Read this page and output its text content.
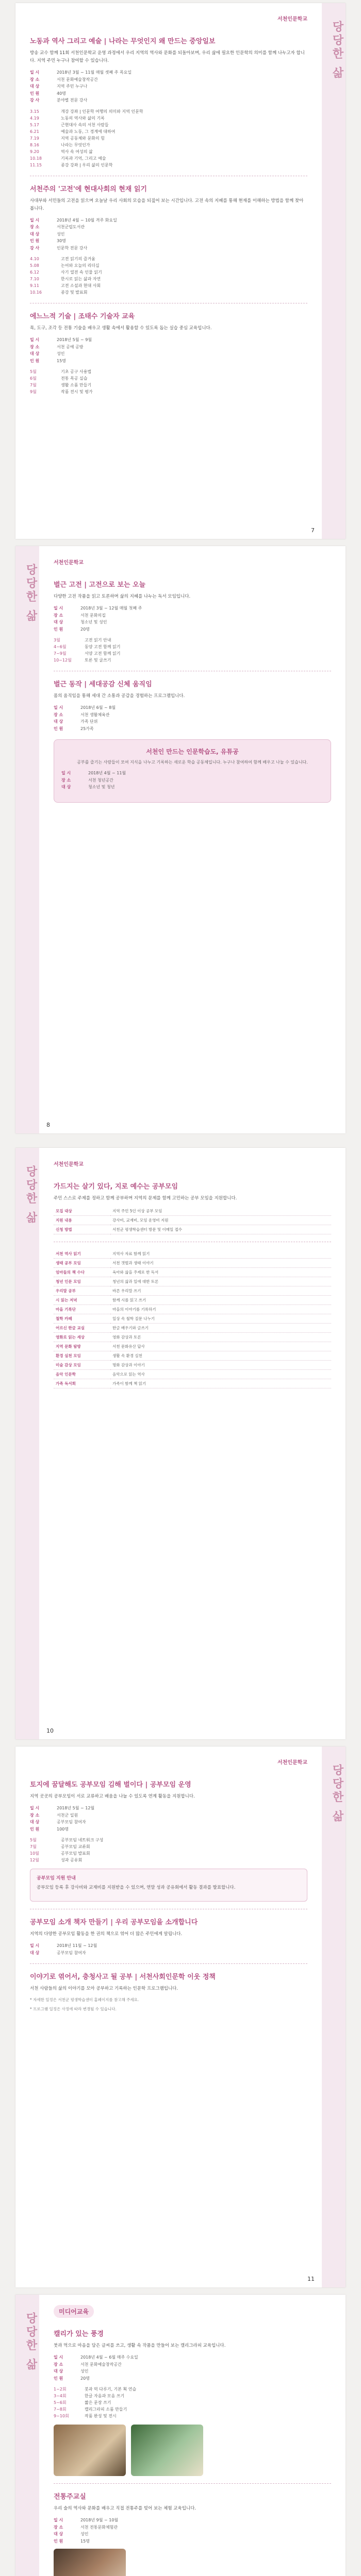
서천인문학교
노동과 역사 그리고 예술 | 나라는 무엇인지 왜 만드는 중앙일보

방송 교수 함께 11회 서천인문학교 운영 과정에서 우리 지역의 역사와 문화를 되돌아보며, 우리 삶에 필요한 인문학의 의미를 함께 나누고자 합니다. 지역 주민 누구나 참여할 수 있습니다.

일 시	2018년 3월 ~ 11월 매월 셋째 주 목요일
장 소	서천 문화예술창작공간
대 상	지역 주민 누구나
인 원	40명
강 사	분야별 전문 강사
3.15	개강 강좌 | 인문학 여행의 의미와 지역 인문학
4.19	노동의 역사와 삶의 기록
5.17	근현대사 속의 서천 사람들
6.21	예술과 노동, 그 경계에 대하여
7.19	지역 공동체와 문화의 힘
8.16	나라는 무엇인가
9.20	역사 속 여성의 삶
10.18	기록과 기억, 그리고 예술
11.15	종강 강좌 | 우리 삶의 인문학
서천주의 '고전'에 현대사회의 현재 읽기

사대부와 서민들의 고전을 읽으며 오늘날 우리 사회의 모습을 되짚어 보는 시간입니다. 고전 속의 지혜를 통해 현재를 이해하는 방법을 함께 찾아봅니다.

일 시	2018년 4월 ~ 10월 격주 화요일
장 소	서천군립도서관
대 상	성인
인 원	30명
강 사	인문학 전문 강사
4.10	고전 읽기의 즐거움
5.08	논어와 오늘의 리더십
6.12	사기 열전 속 인물 읽기
7.10	한시로 읽는 삶과 자연
9.11	고전 소설과 현대 사회
10.16	종강 및 발표회
에느느적 기술 | 조태수 기술자 교육

목, 도구, 조각 등 전통 기술을 배우고 생활 속에서 활용할 수 있도록 돕는 실습 중심 교육입니다.

일 시	2018년 5월 ~ 9월
장 소	서천 공예 공방
대 상	성인
인 원	15명
5월	기초 공구 사용법
6월	전통 목공 실습
7월	생활 소품 만들기
9월	작품 전시 및 평가
당당한 삶
7
당당한 삶
서천인문학교
벌근 고전 | 고전으로 보는 오늘

다양한 고전 작품을 읽고 토론하며 삶의 지혜를 나누는 독서 모임입니다.

일 시	2018년 3월 ~ 12월 매월 첫째 주
장 소	서천 문화의집
대 상	청소년 및 성인
인 원	20명
3월	고전 읽기 안내
4~6월	동양 고전 함께 읽기
7~9월	서양 고전 함께 읽기
10~12월	토론 및 글쓰기
벌근 동작 | 세대공감 신체 움직임

몸의 움직임을 통해 세대 간 소통과 공감을 경험하는 프로그램입니다.

일 시	2018년 6월 ~ 8월
장 소	서천 생활체육관
대 상	가족 단위
인 원	25가족
서천인 만드는 인문학습도, 유튜공

공부를 즐기는 사람들이 모여 지식을 나누고 기록하는 새로운 학습 공동체입니다. 누구나 참여하여 함께 배우고 나눌 수 있습니다.

일 시	2018년 4월 ~ 11월
장 소	서천 청년공간
대 상	청소년 및 청년
8

당당한 삶
서천인문학교
가드지는 살기 있다, 지로 예수는 공부모임

주민 스스로 주제를 정하고 함께 공부하며 지역의 문제를 함께 고민하는 공부 모임을 지원합니다.

모집 대상	지역 주민 5인 이상 공부 모임
지원 내용	강사비, 교재비, 모임 운영비 지원
신청 방법	서천군 평생학습센터 방문 및 이메일 접수
서천 역사 읽기	지역사 자료 함께 읽기
생태 공부 모임	서천 갯벌과 생태 이야기
엄마들의 책 수다	육아와 삶을 주제로 한 독서
청년 인문 모임	청년의 삶과 일에 대한 토론
우리말 공부	바른 우리말 쓰기
시 읽는 저녁	함께 시를 읽고 쓰기
마을 기록단	마을의 이야기를 기록하기
철학 카페	일상 속 철학 질문 나누기
어르신 한글 교실	한글 배우기와 글쓰기
영화로 읽는 세상	영화 감상과 토론
지역 문화 탐방	서천 문화유산 답사
환경 실천 모임	생활 속 환경 실천
미술 감상 모임	명화 감상과 이야기
음악 인문학	음악으로 읽는 역사
가족 독서회	가족이 함께 책 읽기
10
서천인문학교
토지에 꿈달해도 공부모임 김해 벌이다 | 공부모임 운영

지역 곳곳의 공부모임이 서로 교류하고 배움을 나눌 수 있도록 연계 활동을 지원합니다.

일 시	2018년 5월 ~ 12월
장 소	서천군 일원
대 상	공부모임 참여자
인 원	100명
5월	공부모임 네트워크 구성
7월	공부모임 교류회
10월	공부모임 발표회
12월	성과 공유회
공부모임 지원 안내

공부모임 등록 후 강사비와 교재비를 지원받을 수 있으며, 연말 성과 공유회에서 활동 결과를 발표합니다.

공부모임 소개 책자 만들기 | 우리 공부모임을 소개합니다

지역의 다양한 공부모임 활동을 한 권의 책으로 엮어 더 많은 주민에게 알립니다.

일 시	2018년 11월 ~ 12월
대 상	공부모임 참여자
이야기로 엮어서, 충청사고 될 공부 | 서천사회인문학 이웃 정책

서천 사람들의 삶의 이야기를 모아 공부하고 기록하는 인문학 프로그램입니다.

* 자세한 일정은 서천군 평생학습센터 홈페이지를 참고해 주세요.

* 프로그램 일정은 사정에 따라 변경될 수 있습니다.

당당한 삶
11
당당한 삶
미디어교육
캘리가 있는 풍경

붓과 먹으로 마음을 담은 글씨를 쓰고, 생활 속 작품을 만들어 보는 캘리그라피 교육입니다.

일 시	2018년 4월 ~ 6월 매주 수요일
장 소	서천 문화예술창작공간
대 상	성인
인 원	20명
1~2회	붓과 먹 다루기, 기본 획 연습
3~4회	한글 자음과 모음 쓰기
5~6회	짧은 문장 쓰기
7~8회	캘리그라피 소품 만들기
9~10회	작품 완성 및 전시
전통주교실

우리 술의 역사와 문화를 배우고 직접 전통주를 빚어 보는 체험 교육입니다.

일 시	2018년 9월 ~ 10월
장 소	서천 전통문화체험관
대 상	성인
인 원	15명
